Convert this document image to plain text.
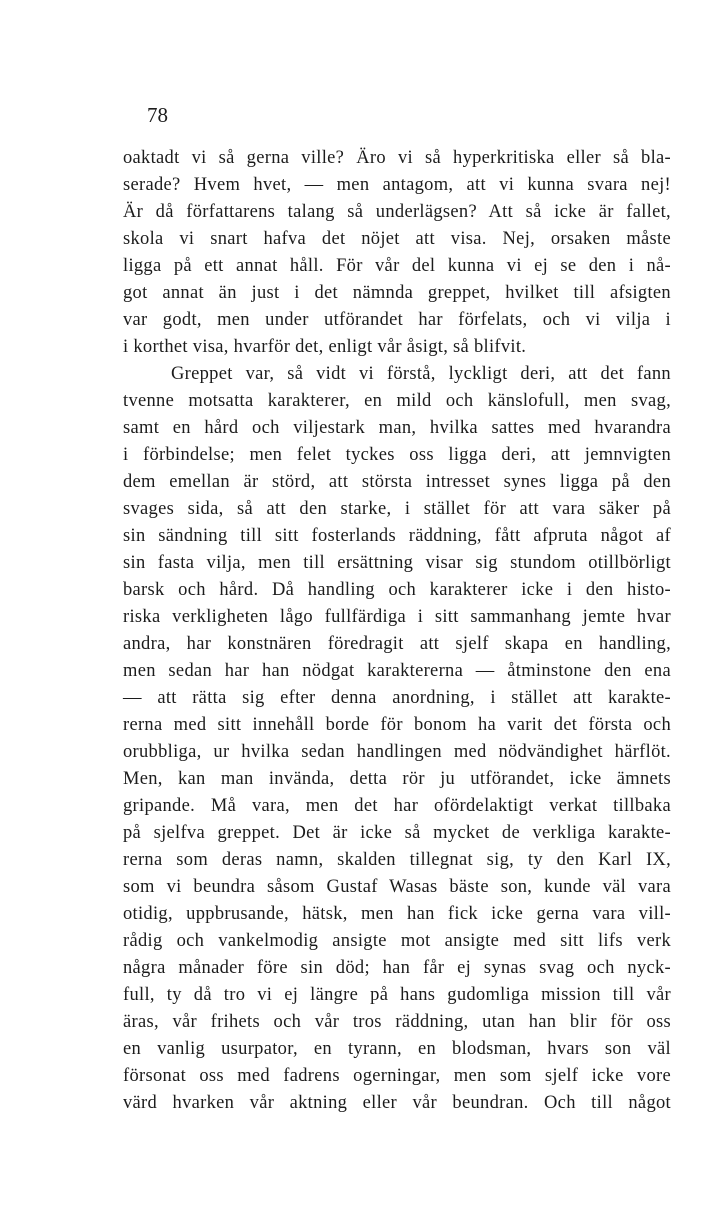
78
oaktadt vi så gerna ville? Äro vi så hyperkritiska eller så bla-
serade? Hvem hvet, — men antagom, att vi kunna svara nej!
Är då författarens talang så underlägsen? Att så icke är fallet,
skola vi snart hafva det nöjet att visa. Nej, orsaken måste
ligga på ett annat håll. För vår del kunna vi ej se den i nå-
got annat än just i det nämnda greppet, hvilket till afsigten
var godt, men under utförandet har förfelats, och vi vilja i
i korthet visa, hvarför det, enligt vår åsigt, så blifvit.
Greppet var, så vidt vi förstå, lyckligt deri, att det fann
tvenne motsatta karakterer, en mild och känslofull, men svag,
samt en hård och viljestark man, hvilka sattes med hvarandra
i förbindelse; men felet tyckes oss ligga deri, att jemnvigten
dem emellan är störd, att största intresset synes ligga på den
svages sida, så att den starke, i stället för att vara säker på
sin sändning till sitt fosterlands räddning, fått afpruta något af
sin fasta vilja, men till ersättning visar sig stundom otillbörligt
barsk och hård. Då handling och karakterer icke i den histo-
riska verkligheten lågo fullfärdiga i sitt sammanhang jemte hvar
andra, har konstnären föredragit att sjelf skapa en handling,
men sedan har han nödgat karaktererna — åtminstone den ena
— att rätta sig efter denna anordning, i stället att karakte-
rerna med sitt innehåll borde för bonom ha varit det första och
orubbliga, ur hvilka sedan handlingen med nödvändighet härflöt.
Men, kan man invända, detta rör ju utförandet, icke ämnets
gripande. Må vara, men det har ofördelaktigt verkat tillbaka
på sjelfva greppet. Det är icke så mycket de verkliga karakte-
rerna som deras namn, skalden tillegnat sig, ty den Karl IX,
som vi beundra såsom Gustaf Wasas bäste son, kunde väl vara
otidig, uppbrusande, hätsk, men han fick icke gerna vara vill-
rådig och vankelmodig ansigte mot ansigte med sitt lifs verk
några månader före sin död; han får ej synas svag och nyck-
full, ty då tro vi ej längre på hans gudomliga mission till vår
äras, vår frihets och vår tros räddning, utan han blir för oss
en vanlig usurpator, en tyrann, en blodsman, hvars son väl
försonat oss med fadrens ogerningar, men som sjelf icke vore
värd hvarken vår aktning eller vår beundran. Och till något
